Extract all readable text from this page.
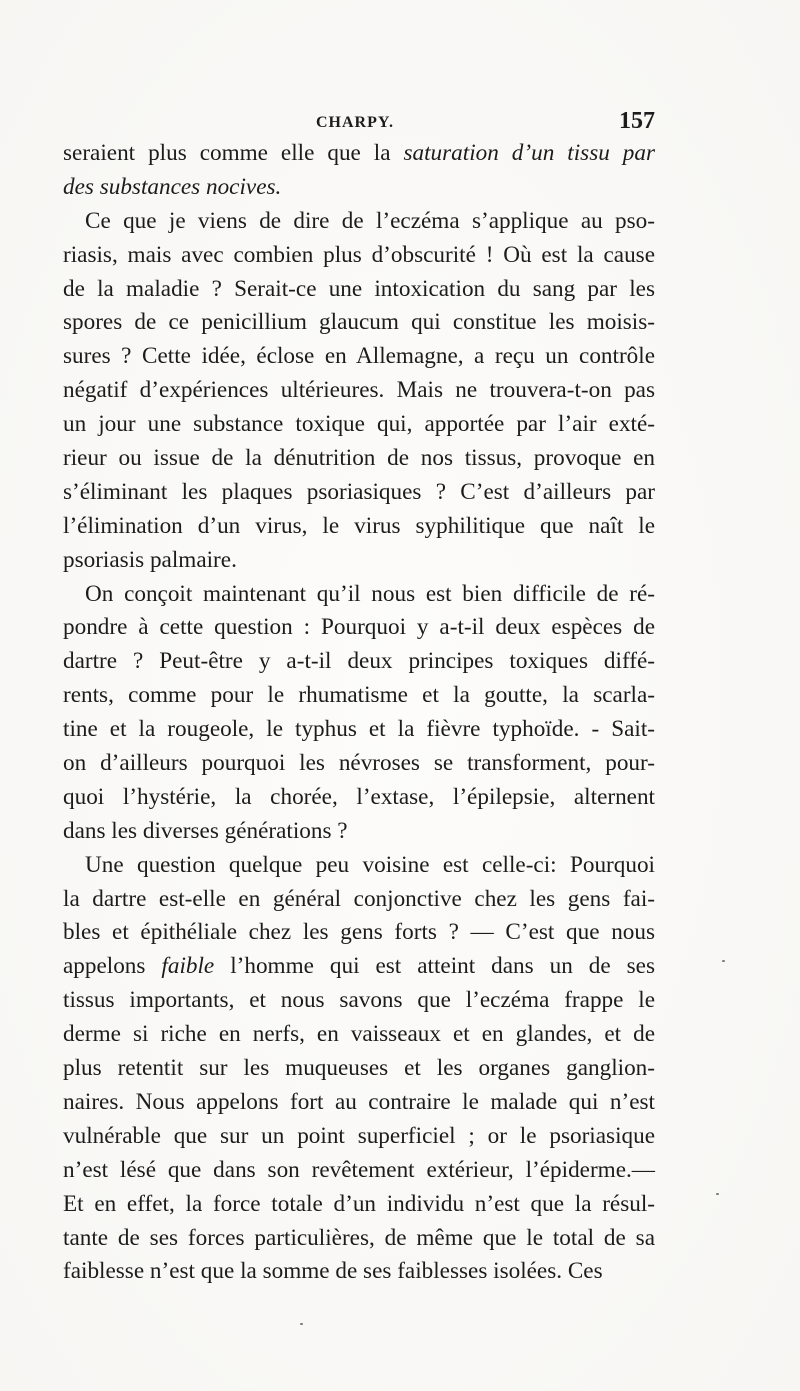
CHARPY.	157
seraient plus comme elle que la saturation d’un tissu par
des substances nocives.
Ce que je viens de dire de l’eczéma s’applique au pso-
riasis, mais avec combien plus d’obscurité ! Où est la cause
de la maladie ? Serait-ce une intoxication du sang par les
spores de ce penicillium glaucum qui constitue les moisis-
sures ? Cette idée, éclose en Allemagne, a reçu un contrôle
négatif d’expériences ultérieures. Mais ne trouvera-t-on pas
un jour une substance toxique qui, apportée par l’air exté-
rieur ou issue de la dénutrition de nos tissus, provoque en
s’éliminant les plaques psoriasiques ? C’est d’ailleurs par
l’élimination d’un virus, le virus syphilitique que naît le
psoriasis palmaire.
On conçoit maintenant qu’il nous est bien difficile de ré-
pondre à cette question : Pourquoi y a-t-il deux espèces de
dartre ? Peut-être y a-t-il deux principes toxiques diffé-
rents, comme pour le rhumatisme et la goutte, la scarla-
tine et la rougeole, le typhus et la fièvre typhoïde. - Sait-
on d’ailleurs pourquoi les névroses se transforment, pour-
quoi l’hystérie, la chorée, l’extase, l’épilepsie, alternent
dans les diverses générations ?
Une question quelque peu voisine est celle-ci: Pourquoi
la dartre est-elle en général conjonctive chez les gens fai-
bles et épithéliale chez les gens forts ? — C’est que nous
appelons faible l’homme qui est atteint dans un de ses
tissus importants, et nous savons que l’eczéma frappe le
derme si riche en nerfs, en vaisseaux et en glandes, et de
plus retentit sur les muqueuses et les organes ganglion-
naires. Nous appelons fort au contraire le malade qui n’est
vulnérable que sur un point superficiel ; or le psoriasique
n’est lésé que dans son revêtement extérieur, l’épiderme.—
Et en effet, la force totale d’un individu n’est que la résul-
tante de ses forces particulières, de même que le total de sa
faiblesse n’est que la somme de ses faiblesses isolées. Ces
